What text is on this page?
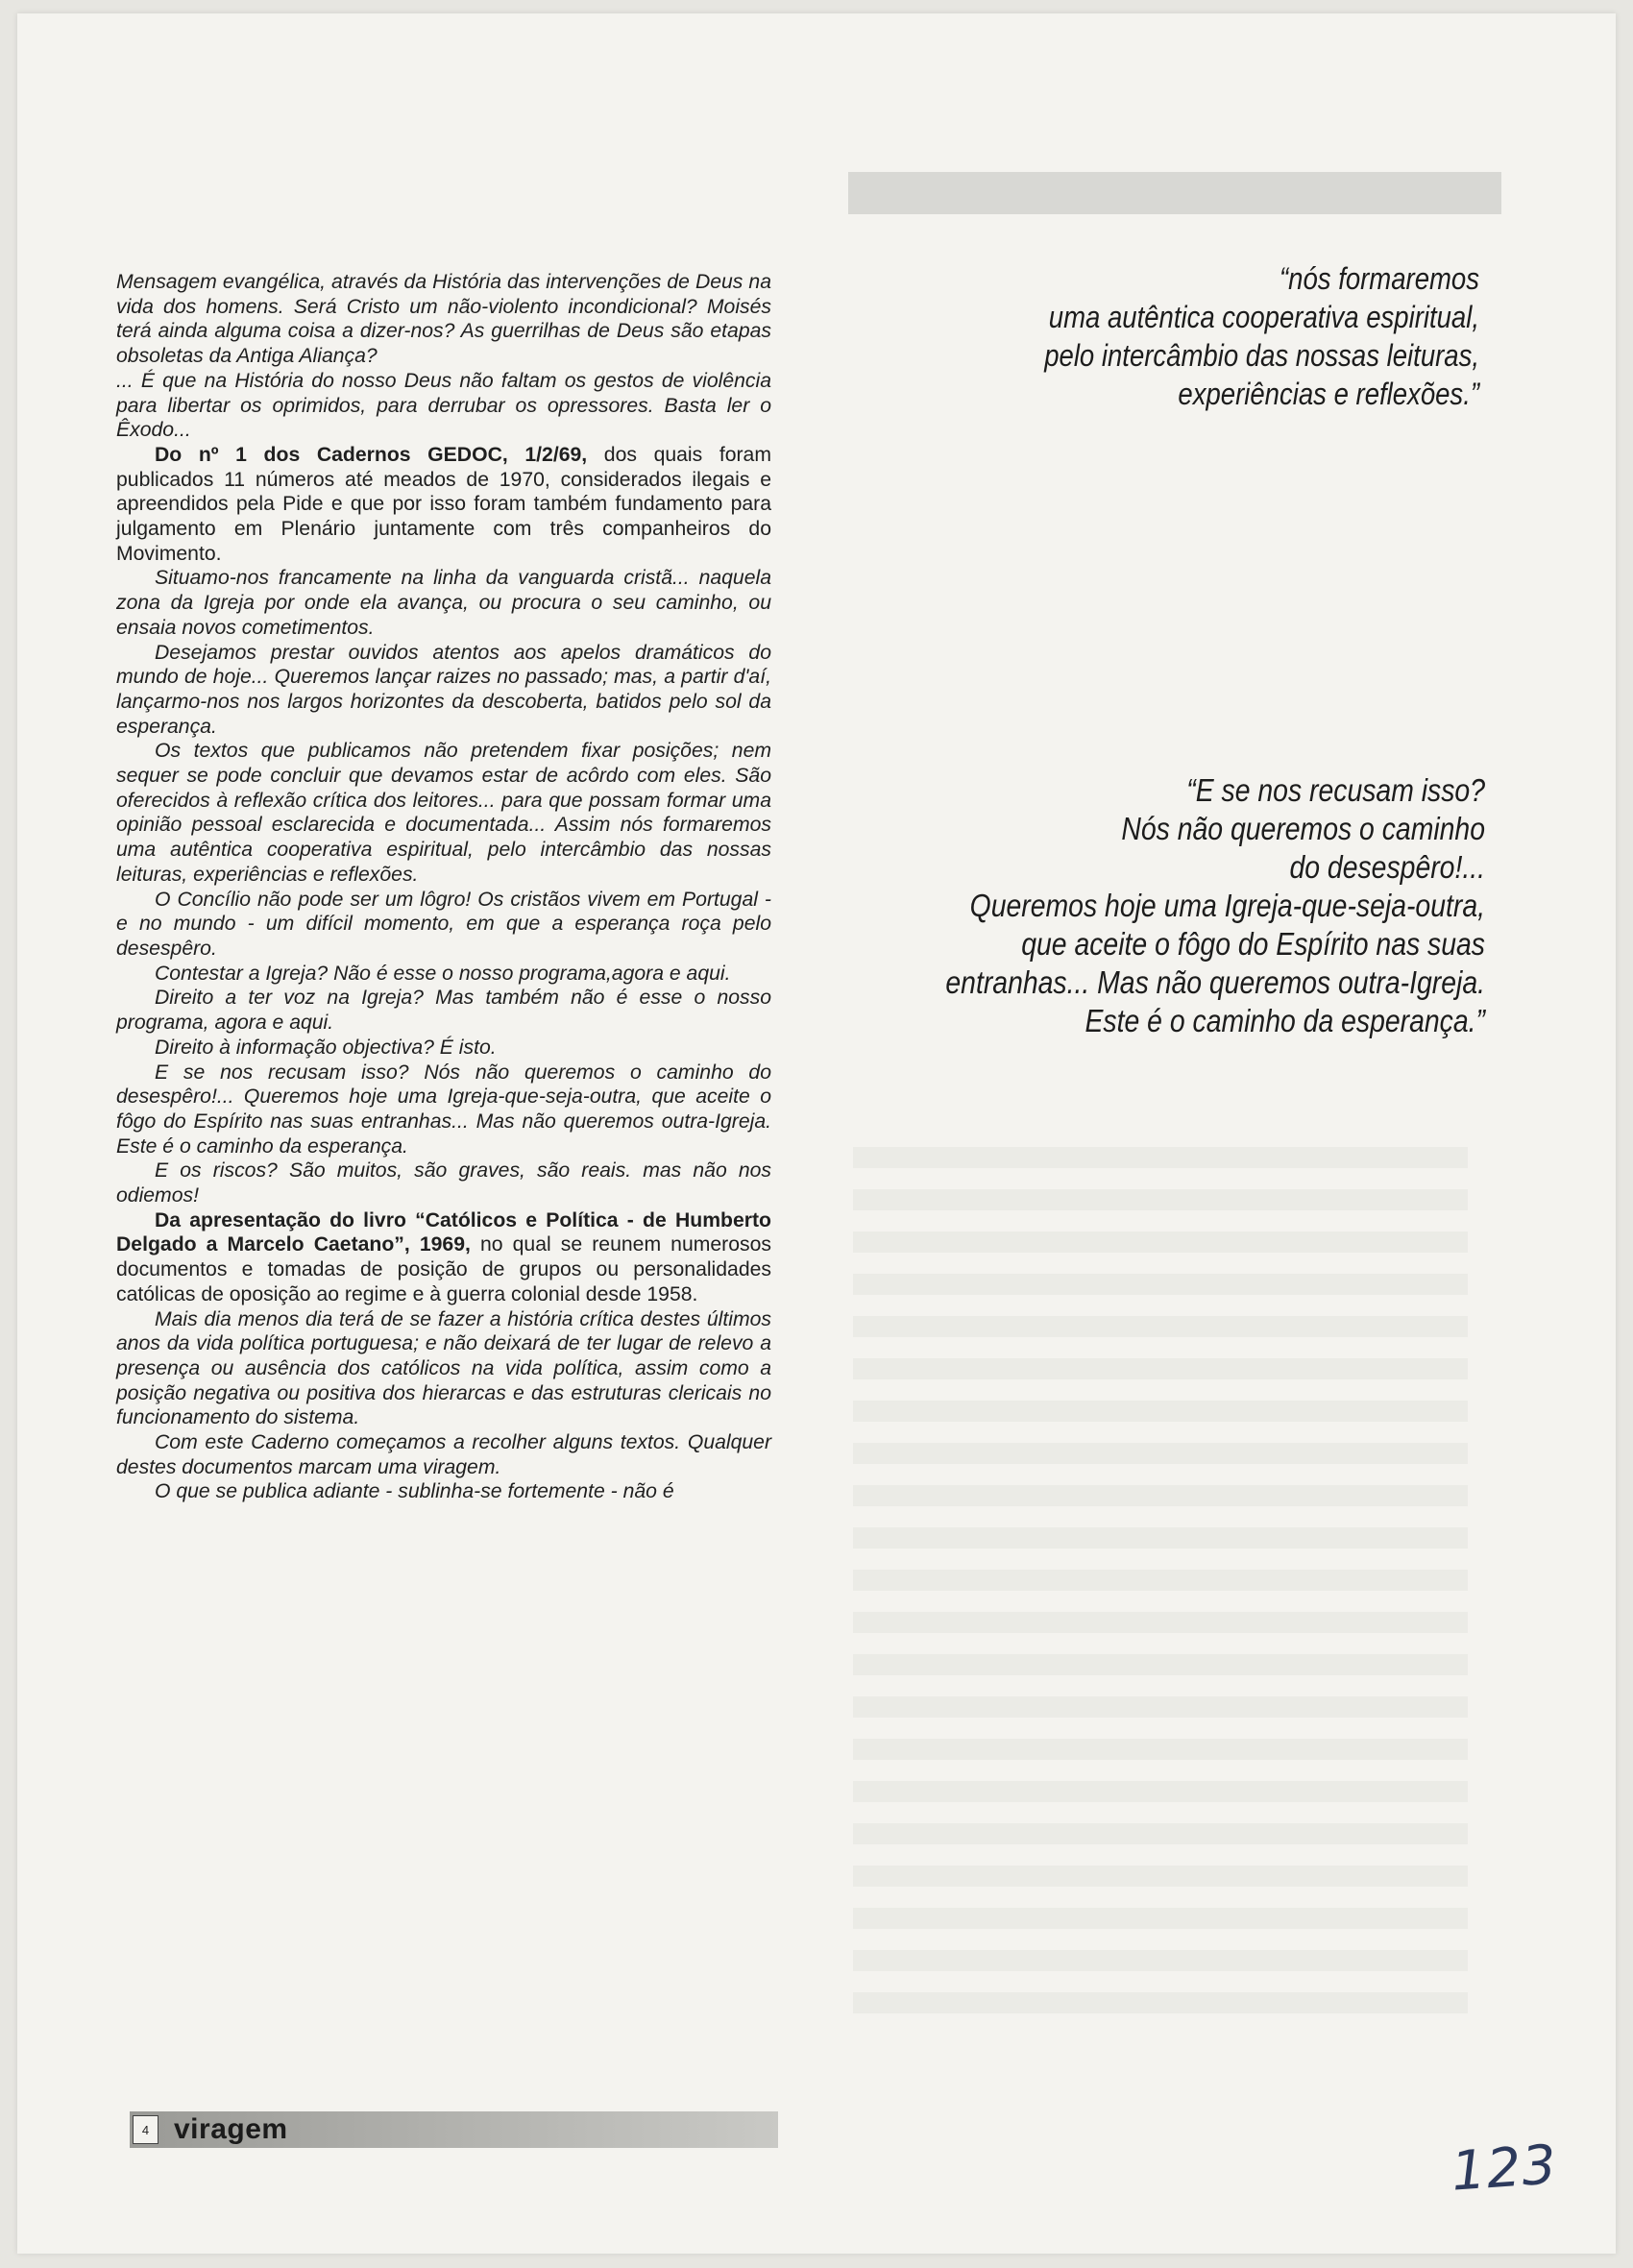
Mensagem evangélica, através da História das intervenções de Deus na vida dos homens. Será Cristo um não-violento incondicional? Moisés terá ainda alguma coisa a dizer-nos? As guerrilhas de Deus são etapas obsoletas da Antiga Aliança?

... É que na História do nosso Deus não faltam os gestos de violência para libertar os oprimidos, para derrubar os opressores. Basta ler o Êxodo...

Do nº 1 dos Cadernos GEDOC, 1/2/69, dos quais foram publicados 11 números até meados de 1970, considerados ilegais e apreendidos pela Pide e que por isso foram também fundamento para julgamento em Plenário juntamente com três companheiros do Movimento.

Situamo-nos francamente na linha da vanguarda cristã... naquela zona da Igreja por onde ela avança, ou procura o seu caminho, ou ensaia novos cometimentos.

Desejamos prestar ouvidos atentos aos apelos dramáticos do mundo de hoje... Queremos lançar raizes no passado; mas, a partir d'aí, lançarmo-nos nos largos horizontes da descoberta, batidos pelo sol da esperança.

Os textos que publicamos não pretendem fixar posições; nem sequer se pode concluir que devamos estar de acôrdo com eles. São oferecidos à reflexão crítica dos leitores... para que possam formar uma opinião pessoal esclarecida e documentada... Assim nós formaremos uma autêntica cooperativa espiritual, pelo intercâmbio das nossas leituras, experiências e reflexões.

O Concílio não pode ser um lôgro! Os cristãos vivem em Portugal - e no mundo - um difícil momento, em que a esperança roça pelo desespêro.

Contestar a Igreja? Não é esse o nosso programa,agora e aqui.

Direito a ter voz na Igreja? Mas também não é esse o nosso programa, agora e aqui.

Direito à informação objectiva? É isto.

E se nos recusam isso? Nós não queremos o caminho do desespêro!... Queremos hoje uma Igreja-que-seja-outra, que aceite o fôgo do Espírito nas suas entranhas... Mas não queremos outra-Igreja. Este é o caminho da esperança.

E os riscos? São muitos, são graves, são reais. mas não nos odiemos!

Da apresentação do livro “Católicos e Política - de Humberto Delgado a Marcelo Caetano”, 1969, no qual se reunem numerosos documentos e tomadas de posição de grupos ou personalidades católicas de oposição ao regime e à guerra colonial desde 1958.

Mais dia menos dia terá de se fazer a história crítica destes últimos anos da vida política portuguesa; e não deixará de ter lugar de relevo a presença ou ausência dos católicos na vida política, assim como a posição negativa ou positiva dos hierarcas e das estruturas clericais no funcionamento do sistema.

Com este Caderno começamos a recolher alguns textos. Qualquer destes documentos marcam uma viragem.

O que se publica adiante - sublinha-se fortemente - não é

“nós formaremos

uma autêntica cooperativa espiritual,

pelo intercâmbio das nossas leituras,

experiências e reflexões.”

“E se nos recusam isso?

Nós não queremos o caminho

do desespêro!...

Queremos hoje uma Igreja-que-seja-outra,

que aceite o fôgo do Espírito nas suas

entranhas... Mas não queremos outra-Igreja.

Este é o caminho da esperança.”

4 viragem
123
